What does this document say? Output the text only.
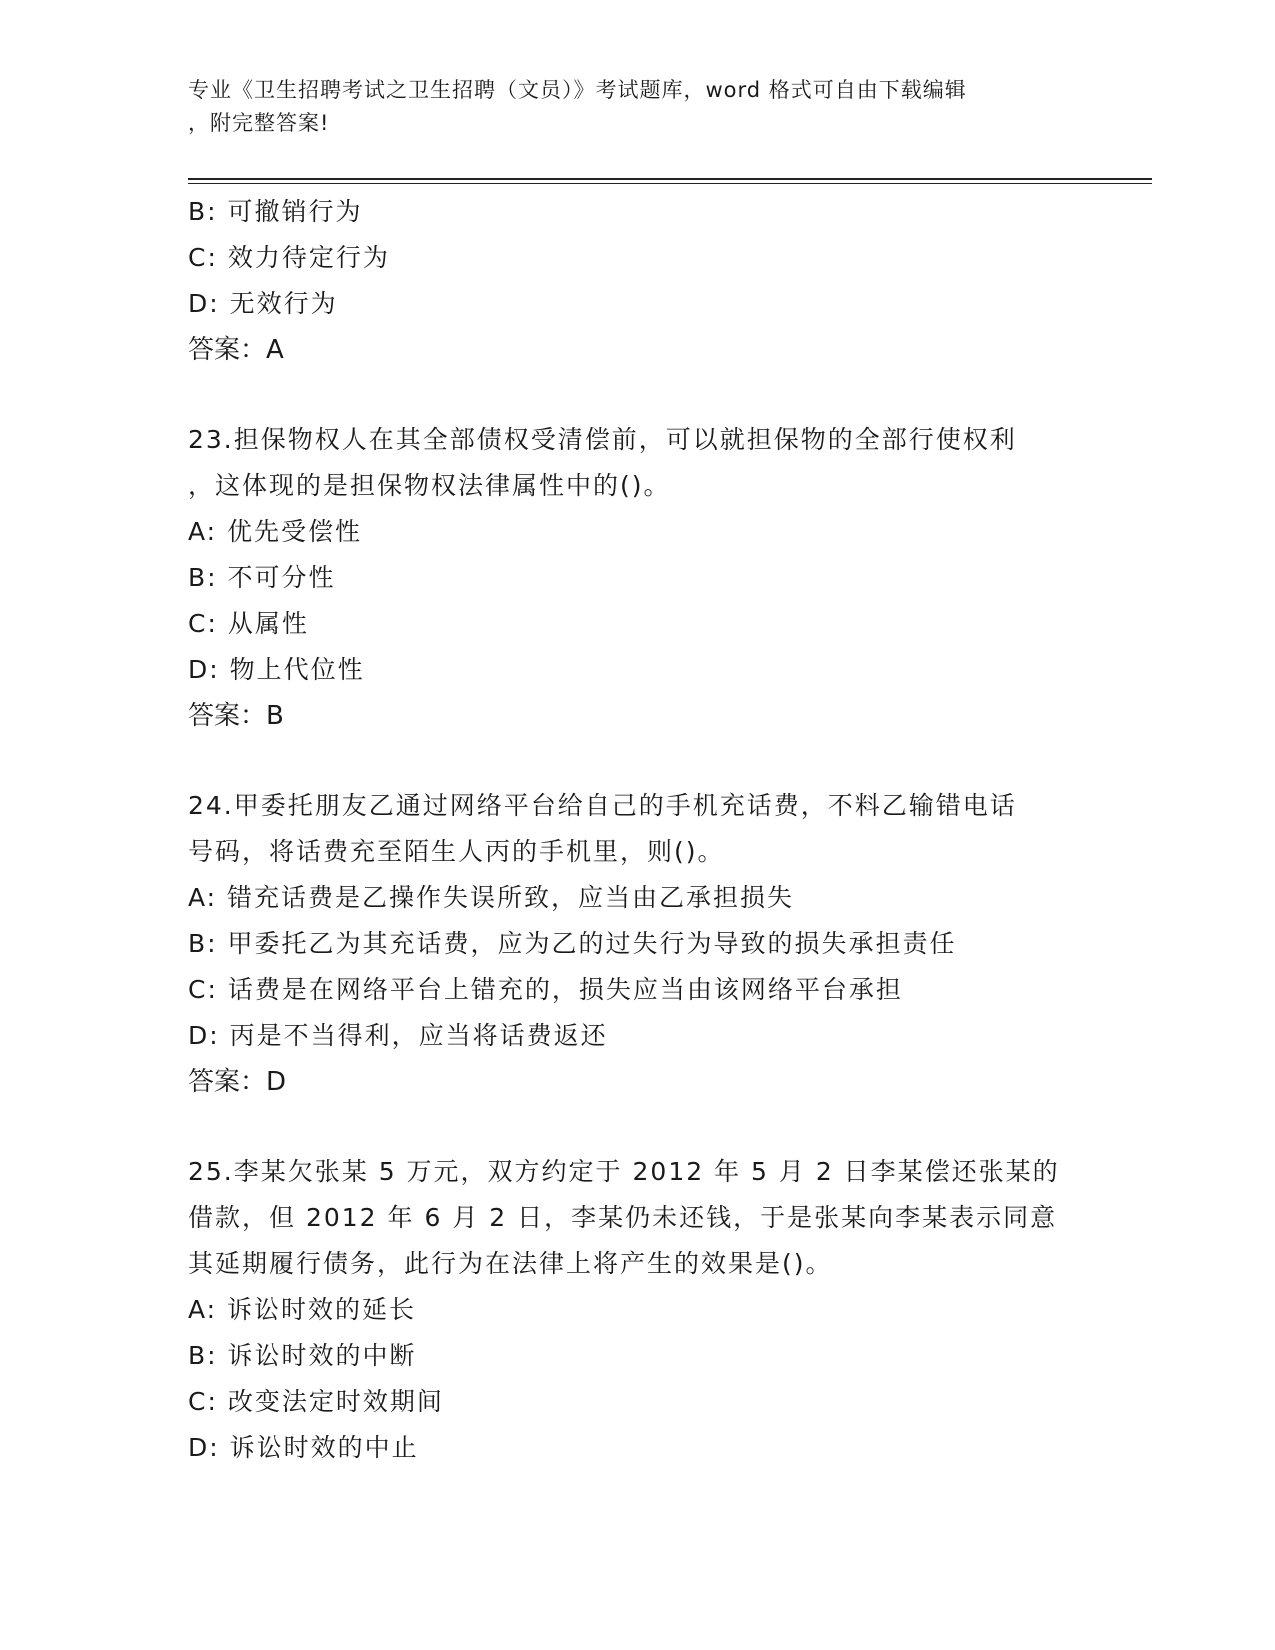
专业《卫生招聘考试之卫生招聘（文员）》考试题库，word 格式可自由下载编辑
，附完整答案!
B: 可撤销行为
C: 效力待定行为
D: 无效行为
答案：A
23.担保物权人在其全部债权受清偿前，可以就担保物的全部行使权利
，这体现的是担保物权法律属性中的()。
A: 优先受偿性
B: 不可分性
C: 从属性
D: 物上代位性
答案：B
24.甲委托朋友乙通过网络平台给自己的手机充话费，不料乙输错电话
号码，将话费充至陌生人丙的手机里，则()。
A: 错充话费是乙操作失误所致，应当由乙承担损失
B: 甲委托乙为其充话费，应为乙的过失行为导致的损失承担责任
C: 话费是在网络平台上错充的，损失应当由该网络平台承担
D: 丙是不当得利，应当将话费返还
答案：D
25.李某欠张某 5 万元，双方约定于 2012 年 5 月 2 日李某偿还张某的
借款，但 2012 年 6 月 2 日，李某仍未还钱，于是张某向李某表示同意
其延期履行债务，此行为在法律上将产生的效果是()。
A: 诉讼时效的延长
B: 诉讼时效的中断
C: 改变法定时效期间
D: 诉讼时效的中止
